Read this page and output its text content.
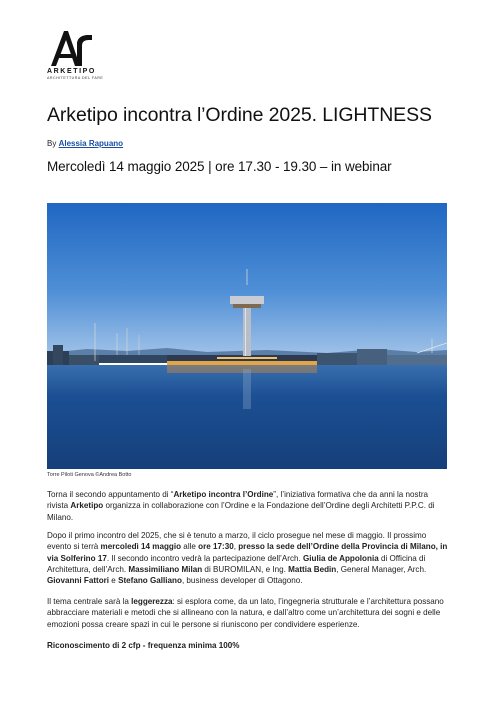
ARKETIPO
ARCHITETTURA DEL FARE
Arketipo incontra l’Ordine 2025. LIGHTNESS
By Alessia Rapuano
Mercoledì 14 maggio 2025 | ore 17.30 - 19.30 – in webinar
Torre Piloti Genova ©Andrea Botto

Torna il secondo appuntamento di “Arketipo incontra l’Ordine”, l’iniziativa formativa che da anni la nostra rivista Arketipo organizza in collaborazione con l’Ordine e la Fondazione dell’Ordine degli Architetti P.P.C. di Milano.

Dopo il primo incontro del 2025, che si è tenuto a marzo, il ciclo prosegue nel mese di maggio. Il prossimo evento si terrà mercoledì 14 maggio alle ore 17:30, presso la sede dell’Ordine della Provincia di Milano, in via Solferino 17. Il secondo incontro vedrà la partecipazione dell’Arch. Giulia de Appolonia di Officina di Architettura, dell’Arch. Massimiliano Milan di BUROMILAN, e Ing. Mattia Bedin, General Manager, Arch. Giovanni Fattori e Stefano Galliano, business developer di Ottagono.

Il tema centrale sarà la leggerezza: si esplora come, da un lato, l’ingegneria strutturale e l’architettura possano abbracciare materiali e metodi che si allineano con la natura, e dall’altro come un’architettura dei sogni e delle emozioni possa creare spazi in cui le persone si riuniscono per condividere esperienze.

Riconoscimento di 2 cfp - frequenza minima 100%
